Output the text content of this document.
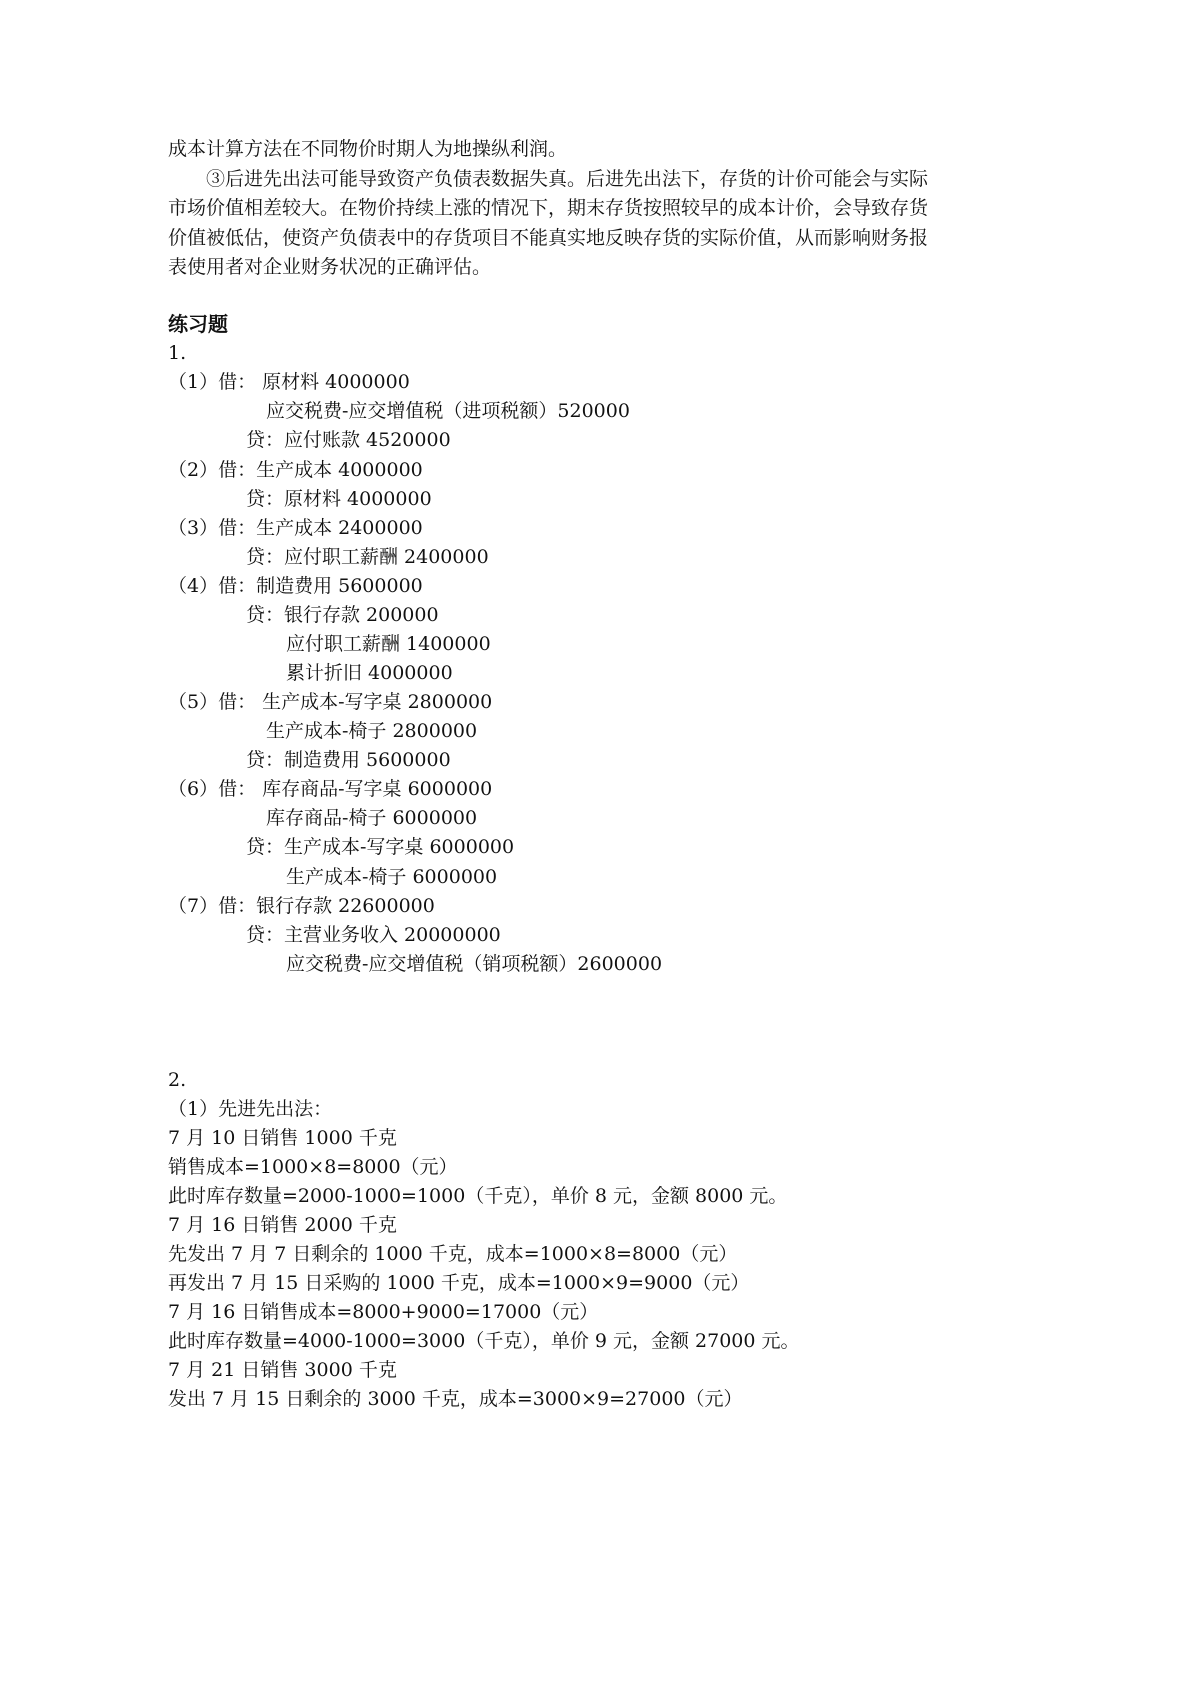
成本计算方法在不同物价时期人为地操纵利润。
③后进先出法可能导致资产负债表数据失真。后进先出法下，存货的计价可能会与实际
市场价值相差较大。在物价持续上涨的情况下，期末存货按照较早的成本计价，会导致存货
价值被低估，使资产负债表中的存货项目不能真实地反映存货的实际价值，从而影响财务报
表使用者对企业财务状况的正确评估。
练习题
1.
（1）借： 原材料 4000000
应交税费-应交增值税（进项税额）520000
贷：应付账款 4520000
（2）借：生产成本 4000000
贷：原材料 4000000
（3）借：生产成本 2400000
贷：应付职工薪酬 2400000
（4）借：制造费用 5600000
贷：银行存款 200000
应付职工薪酬 1400000
累计折旧 4000000
（5）借： 生产成本-写字桌 2800000
生产成本-椅子 2800000
贷：制造费用 5600000
（6）借： 库存商品-写字桌 6000000
库存商品-椅子 6000000
贷：生产成本-写字桌 6000000
生产成本-椅子 6000000
（7）借：银行存款 22600000
贷：主营业务收入 20000000
应交税费-应交增值税（销项税额）2600000
2.
（1）先进先出法：
7 月 10 日销售 1000 千克
销售成本=1000×8=8000（元）
此时库存数量=2000-1000=1000（千克），单价 8 元，金额 8000 元。
7 月 16 日销售 2000 千克
先发出 7 月 7 日剩余的 1000 千克，成本=1000×8=8000（元）
再发出 7 月 15 日采购的 1000 千克，成本=1000×9=9000（元）
7 月 16 日销售成本=8000+9000=17000（元）
此时库存数量=4000-1000=3000（千克），单价 9 元，金额 27000 元。
7 月 21 日销售 3000 千克
发出 7 月 15 日剩余的 3000 千克，成本=3000×9=27000（元）
